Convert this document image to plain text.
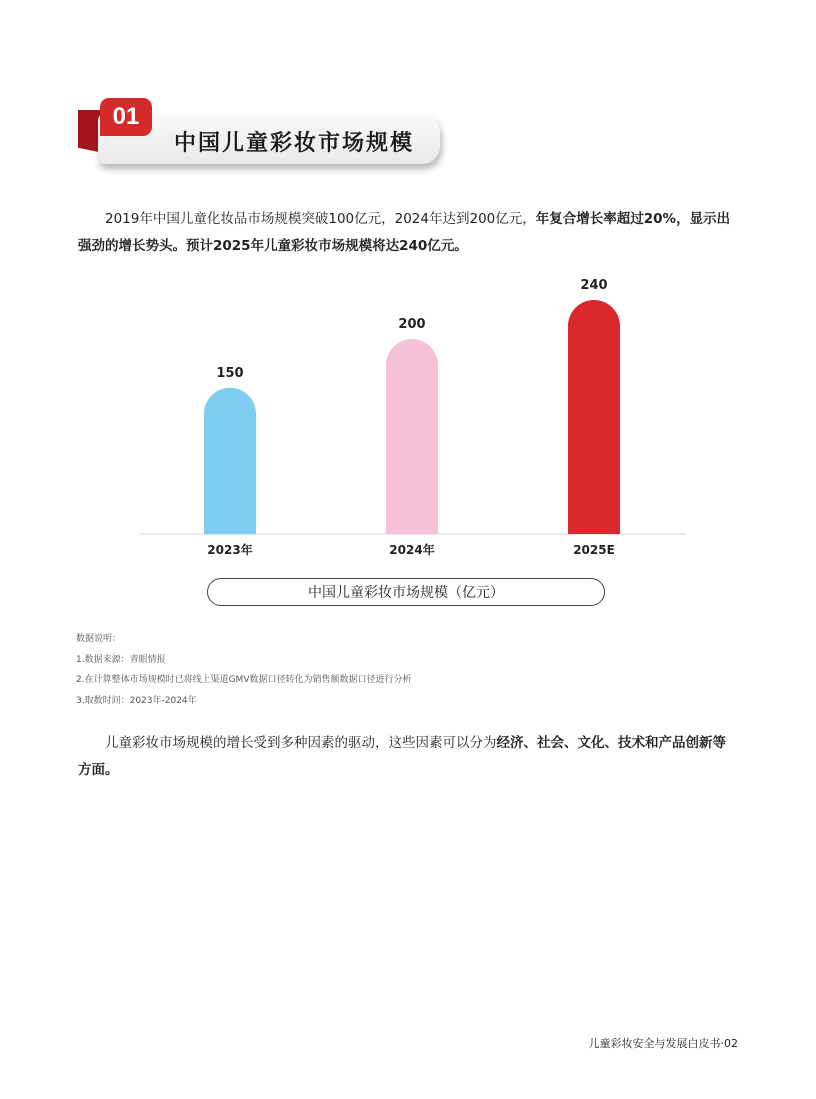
中国儿童彩妆市场规模
01
2019年中国儿童化妆品市场规模突破100亿元，2024年达到200亿元，年复合增长率超过20%，显示出强劲的增长势头。预计2025年儿童彩妆市场规模将达240亿元。
150
2023年
200
2024年
240
2025E
中国儿童彩妆市场规模（亿元）
数据说明：
1.数据来源：青眼情报
2.在计算整体市场规模时已将线上渠道GMV数据口径转化为销售额数据口径进行分析
3.取数时间：2023年-2024年
儿童彩妆市场规模的增长受到多种因素的驱动，这些因素可以分为经济、社会、文化、技术和产品创新等方面。
儿童彩妆安全与发展白皮书·02
